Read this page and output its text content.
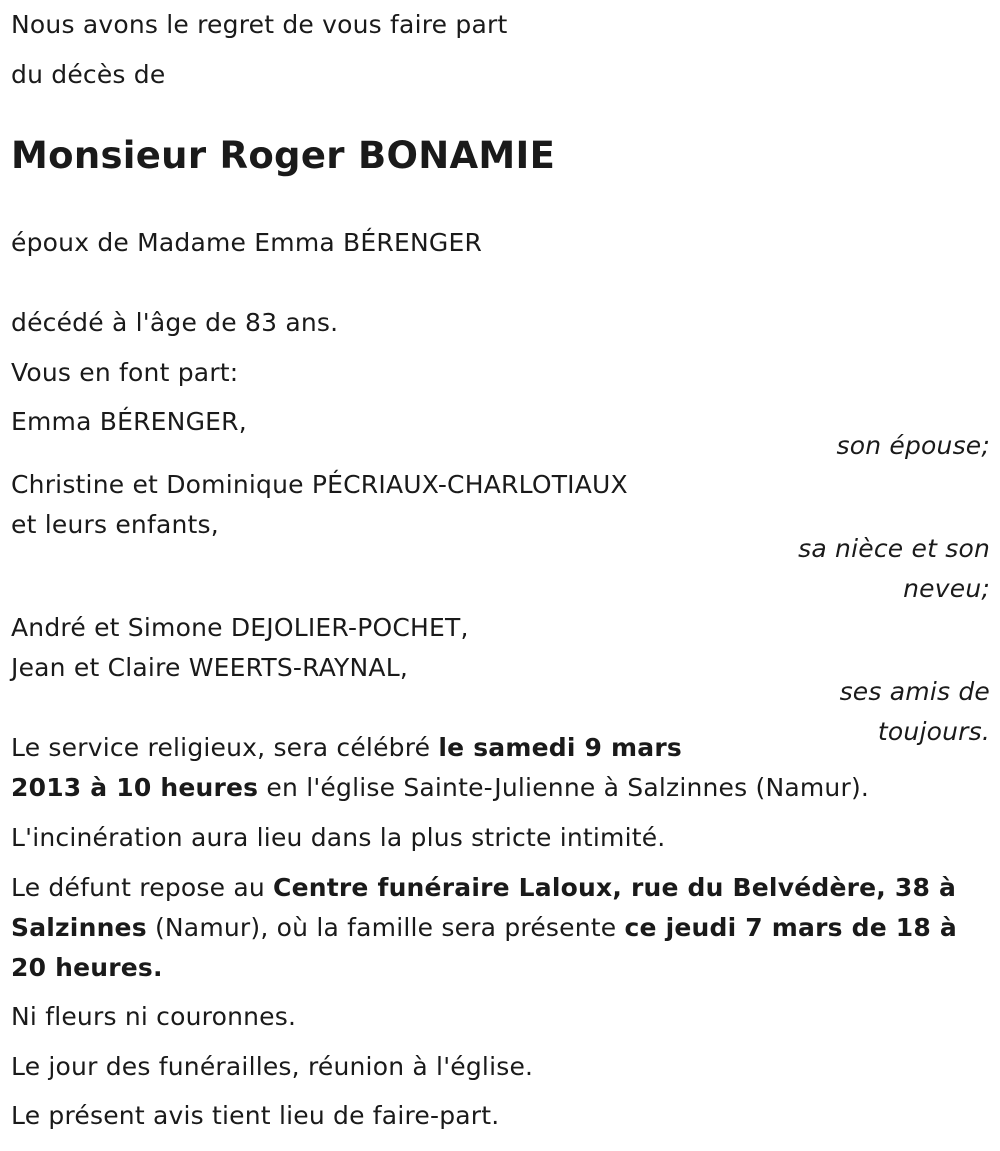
Nous avons le regret de vous faire part
du décès de
Monsieur Roger BONAMIE
époux de Madame Emma BÉRENGER
décédé à l'âge de 83 ans.
Vous en font part:
Emma BÉRENGER,
son épouse;
Christine et Dominique PÉCRIAUX-CHARLOTIAUX
et leurs enfants,
sa nièce et son
neveu;
André et Simone DEJOLIER-POCHET,
Jean et Claire WEERTS-RAYNAL,
ses amis de
toujours.
Le service religieux, sera célébré le samedi 9 mars
2013 à 10 heures en l'église Sainte-Julienne à Salzinnes (Namur).
L'incinération aura lieu dans la plus stricte intimité.
Le défunt repose au Centre funéraire Laloux, rue du Belvédère, 38 à
Salzinnes (Namur), où la famille sera présente ce jeudi 7 mars de 18 à
20 heures.
Ni fleurs ni couronnes.
Le jour des funérailles, réunion à l'église.
Le présent avis tient lieu de faire-part.
